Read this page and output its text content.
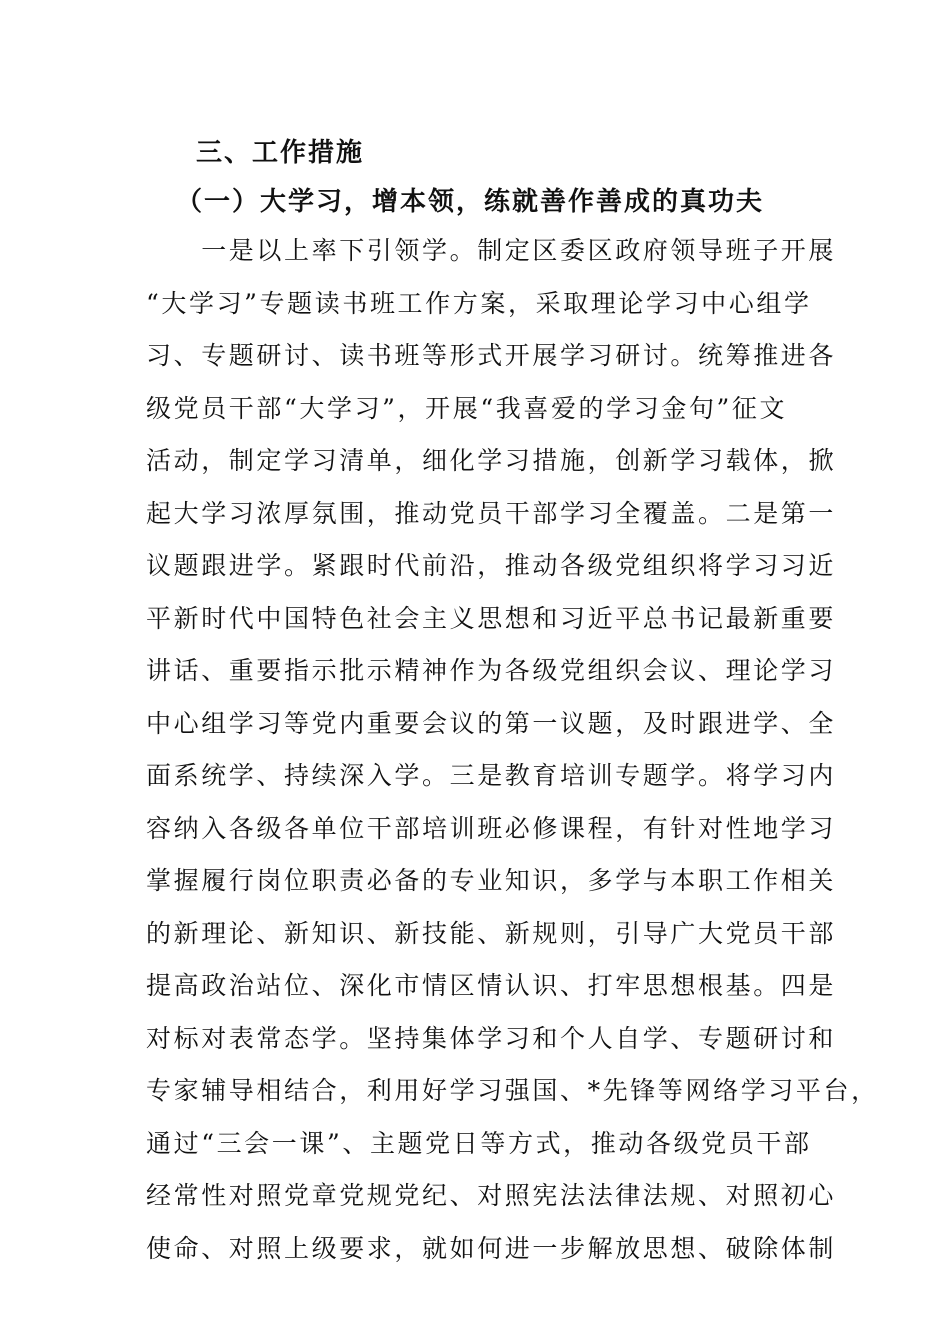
三、工作措施
（一）大学习，增本领，练就善作善成的真功夫
　　一是以上率下引领学。制定区委区政府领导班子开展
“大学习”专题读书班工作方案，采取理论学习中心组学
习、专题研讨、读书班等形式开展学习研讨。统筹推进各
级党员干部“大学习”，开展“我喜爱的学习金句”征文
活动，制定学习清单，细化学习措施，创新学习载体，掀
起大学习浓厚氛围，推动党员干部学习全覆盖。二是第一
议题跟进学。紧跟时代前沿，推动各级党组织将学习习近
平新时代中国特色社会主义思想和习近平总书记最新重要
讲话、重要指示批示精神作为各级党组织会议、理论学习
中心组学习等党内重要会议的第一议题，及时跟进学、全
面系统学、持续深入学。三是教育培训专题学。将学习内
容纳入各级各单位干部培训班必修课程，有针对性地学习
掌握履行岗位职责必备的专业知识，多学与本职工作相关
的新理论、新知识、新技能、新规则，引导广大党员干部
提高政治站位、深化市情区情认识、打牢思想根基。四是
对标对表常态学。坚持集体学习和个人自学、专题研讨和
专家辅导相结合，利用好学习强国、*先锋等网络学习平台，
通过“三会一课”、主题党日等方式，推动各级党员干部
经常性对照党章党规党纪、对照宪法法律法规、对照初心
使命、对照上级要求，就如何进一步解放思想、破除体制
